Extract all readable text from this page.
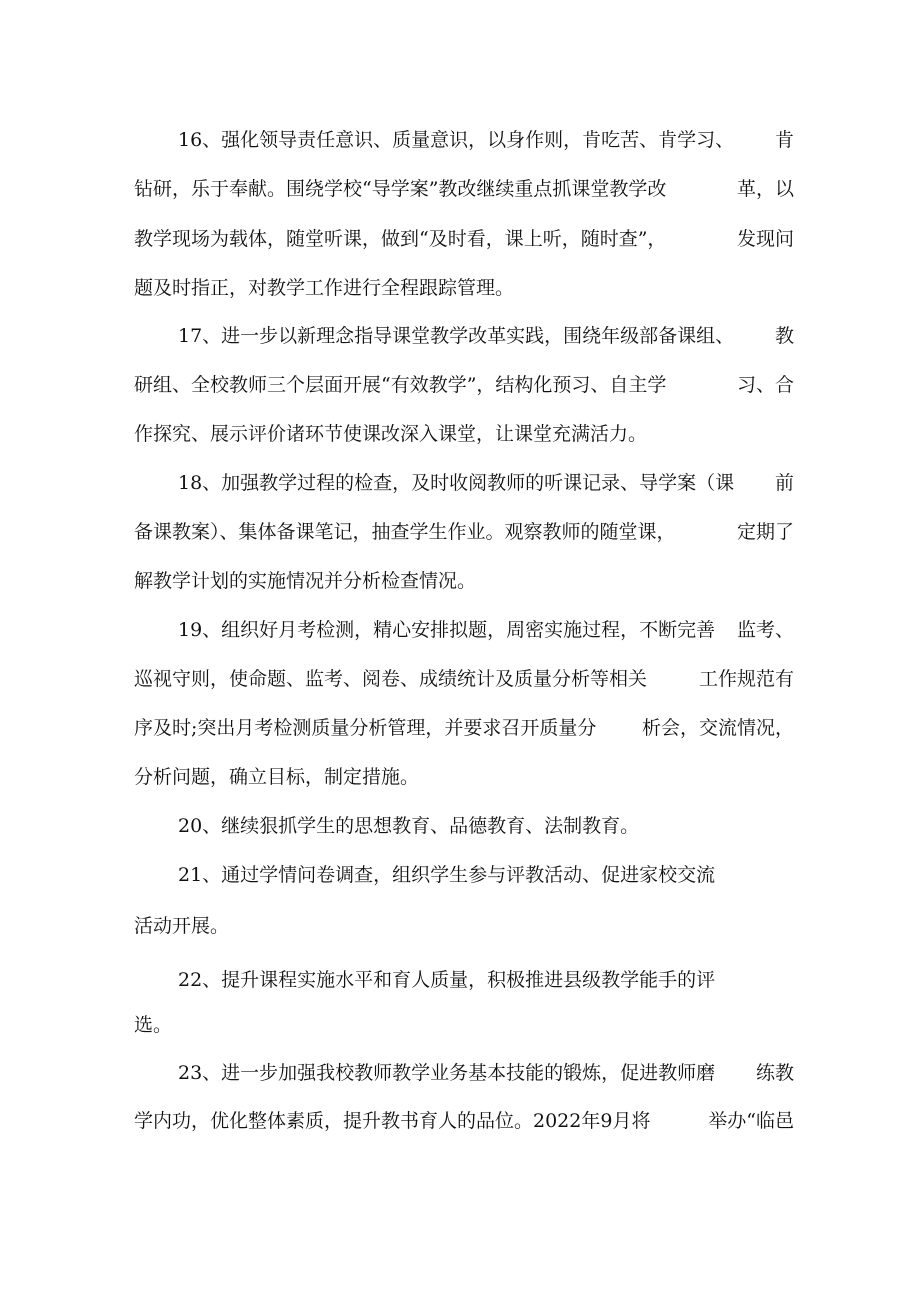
16、强化领导责任意识、质量意识，以身作则，肯吃苦、肯学习、 肯
钻研，乐于奉献。围绕学校“导学案”教改继续重点抓课堂教学改	革，以
教学现场为载体，随堂听课，做到“及时看，课上听，随时查”，	发现问
题及时指正，对教学工作进行全程跟踪管理。
17、进一步以新理念指导课堂教学改革实践，围绕年级部备课组、 教
研组、全校教师三个层面开展“有效教学”，结构化预习、自主学	习、合
作探究、展示评价诸环节使课改深入课堂，让课堂充满活力。
18、加强教学过程的检查，及时收阅教师的听课记录、导学案（课 前
备课教案）、集体备课笔记，抽查学生作业。观察教师的随堂课，	定期了
解教学计划的实施情况并分析检查情况。
19、组织好月考检测，精心安排拟题，周密实施过程，不断完善 监考、
巡视守则，使命题、监考、阅卷、成绩统计及质量分析等相关	工作规范有
序及时;突出月考检测质量分析管理，并要求召开质量分 析会，交流情况，
分析问题，确立目标，制定措施。
20、继续狠抓学生的思想教育、品德教育、法制教育。
21、通过学情问卷调查，组织学生参与评教活动、促进家校交流
活动开展。
22、提升课程实施水平和育人质量，积极推进县级教学能手的评
选。
23、进一步加强我校教师教学业务基本技能的锻炼，促进教师磨 练教
学内功，优化整体素质，提升教书育人的品位。2022年9月将	举办“临邑
